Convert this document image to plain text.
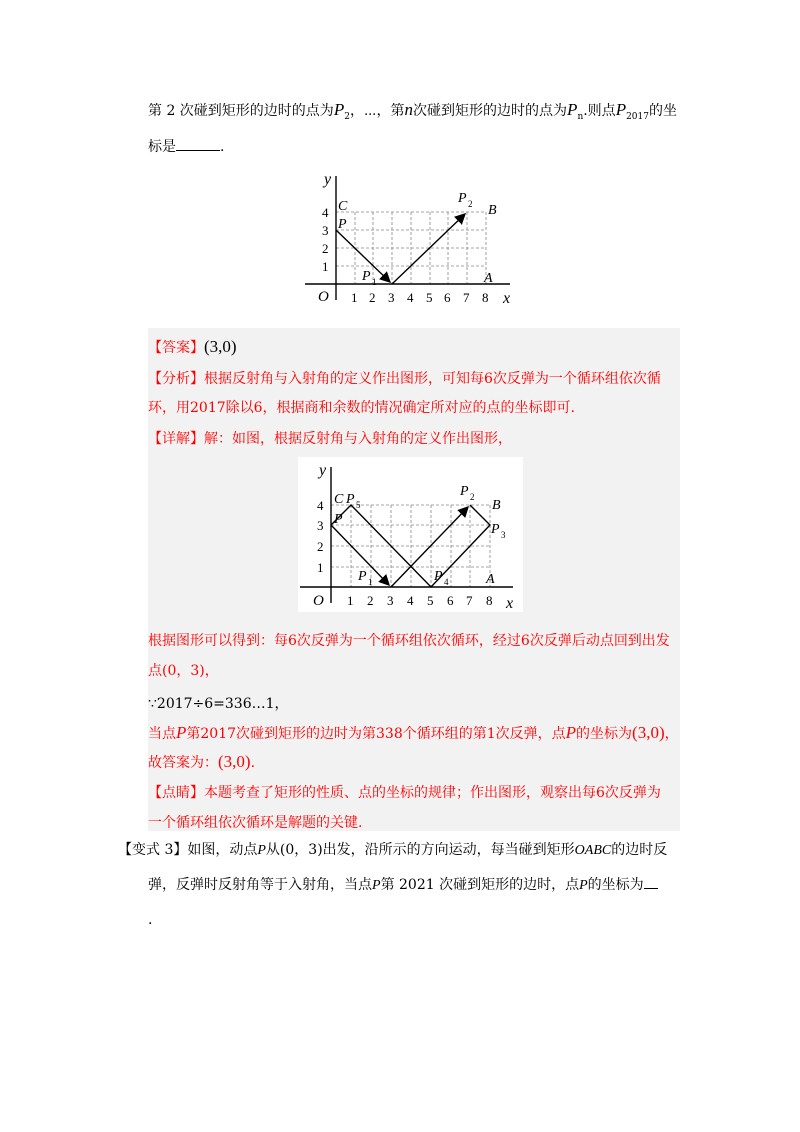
第 2 次碰到矩形的边时的点为$P_2$，⋯，第n次碰到矩形的边时的点为$P_n$.则点$P_{2017}$的坐
标是	.
y
x
O 1 2 3 4 5 6 7 8
1
2
3
4 C
P
B
A
P 1
P 2
【答案】(3,0)
【分析】根据反射角与入射角的定义作出图形，可知每6次反弹为一个循环组依次循
环，用2017除以6，根据商和余数的情况确定所对应的点的坐标即可.
【详解】解：如图，根据反射角与入射角的定义作出图形，
y
x
O 1 2 3 4 5 6 7 8
1
2
3
4 C P 5
P
B
P 3
A
P 1	P 4
P 2
根据图形可以得到：每6次反弹为一个循环组依次循环，经过6次反弹后动点回到出发
点(0，3)，
∵2017÷6=336…1，
当点P第2017次碰到矩形的边时为第338个循环组的第1次反弹，点P的坐标为(3,0)，
故答案为：(3,0).
【点睛】本题考查了矩形的性质、点的坐标的规律；作出图形，观察出每6次反弹为
一个循环组依次循环是解题的关键.
【变式 3】如图，动点P从(0，3)出发，沿所示的方向运动，每当碰到矩形OABC的边时反
弹，反弹时反射角等于入射角，当点P第 2021 次碰到矩形的边时，点P的坐标为
.
